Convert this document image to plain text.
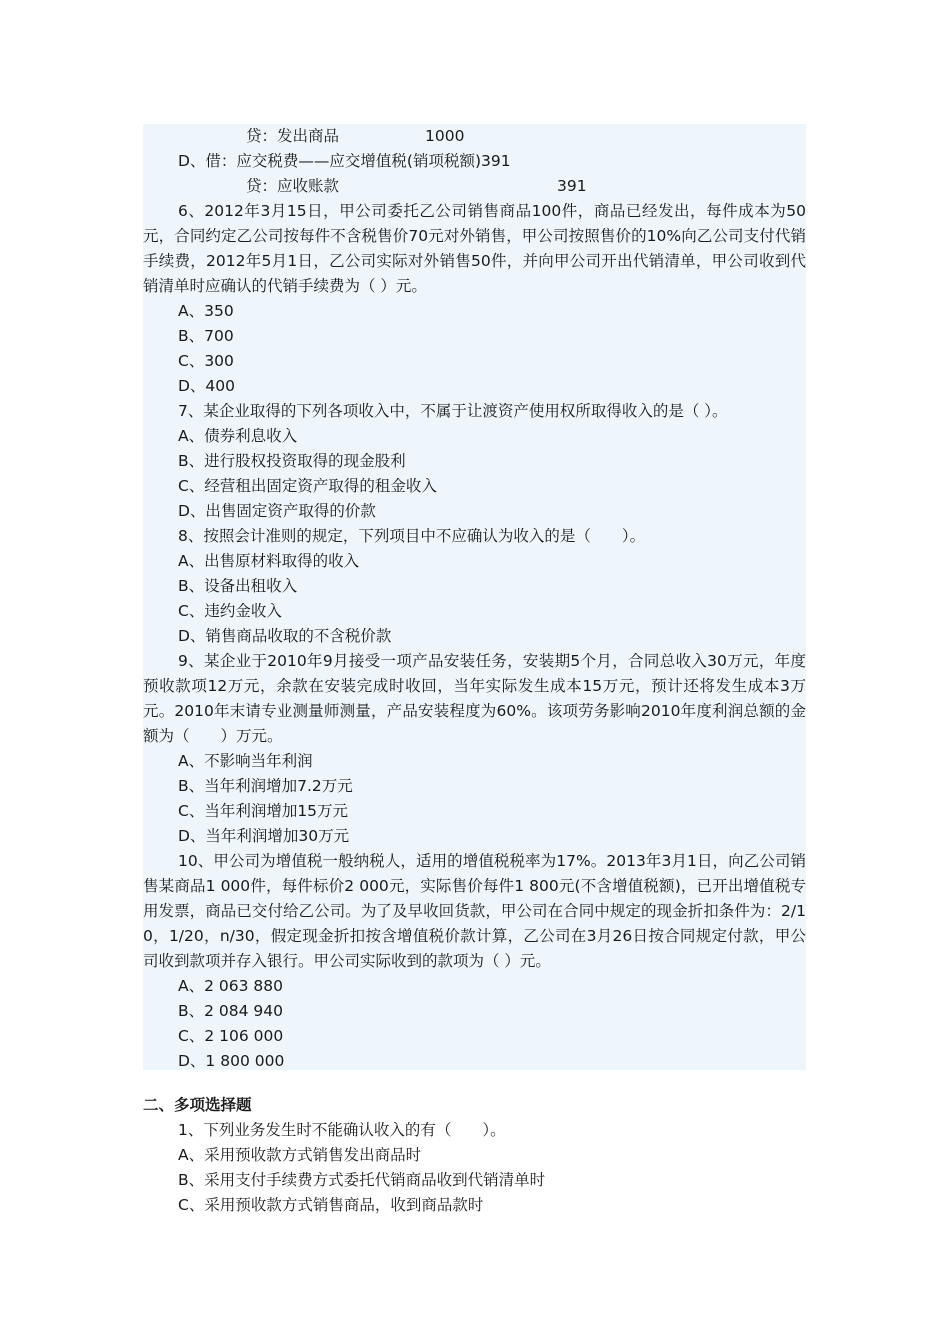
贷：发出商品	1000
D、借：应交税费——应交增值税(销项税额)391
贷：应收账款	391

6、2012年3月15日，甲公司委托乙公司销售商品100件，商品已经发出，每件成本为50元，合同约定乙公司按每件不含税售价70元对外销售，甲公司按照售价的10%向乙公司支付代销手续费，2012年5月1日，乙公司实际对外销售50件，并向甲公司开出代销清单，甲公司收到代销清单时应确认的代销手续费为（ ）元。

A、350
B、700
C、300
D、400

7、某企业取得的下列各项收入中，不属于让渡资产使用权所取得收入的是（ ）。

A、债券利息收入
B、进行股权投资取得的现金股利
C、经营租出固定资产取得的租金收入
D、出售固定资产取得的价款

8、按照会计准则的规定，下列项目中不应确认为收入的是（　　）。

A、出售原材料取得的收入
B、设备出租收入
C、违约金收入
D、销售商品收取的不含税价款

9、某企业于2010年9月接受一项产品安装任务，安装期5个月，合同总收入30万元，年度预收款项12万元，余款在安装完成时收回，当年实际发生成本15万元，预计还将发生成本3万元。2010年末请专业测量师测量，产品安装程度为60%。该项劳务影响2010年度利润总额的金额为（　　）万元。

A、不影响当年利润
B、当年利润增加7.2万元
C、当年利润增加15万元
D、当年利润增加30万元

10、甲公司为增值税一般纳税人，适用的增值税税率为17%。2013年3月1日，向乙公司销售某商品1 000件，每件标价2 000元，实际售价每件1 800元(不含增值税额)，已开出增值税专用发票，商品已交付给乙公司。为了及早收回货款，甲公司在合同中规定的现金折扣条件为：2/10，1/20，n/30，假定现金折扣按含增值税价款计算，乙公司在3月26日按合同规定付款，甲公司收到款项并存入银行。甲公司实际收到的款项为（ ）元。

A、2 063 880
B、2 084 940
C、2 106 000
D、1 800 000
二、多项选择题
1、下列业务发生时不能确认收入的有（　　）。
A、采用预收款方式销售发出商品时
B、采用支付手续费方式委托代销商品收到代销清单时
C、采用预收款方式销售商品，收到商品款时
